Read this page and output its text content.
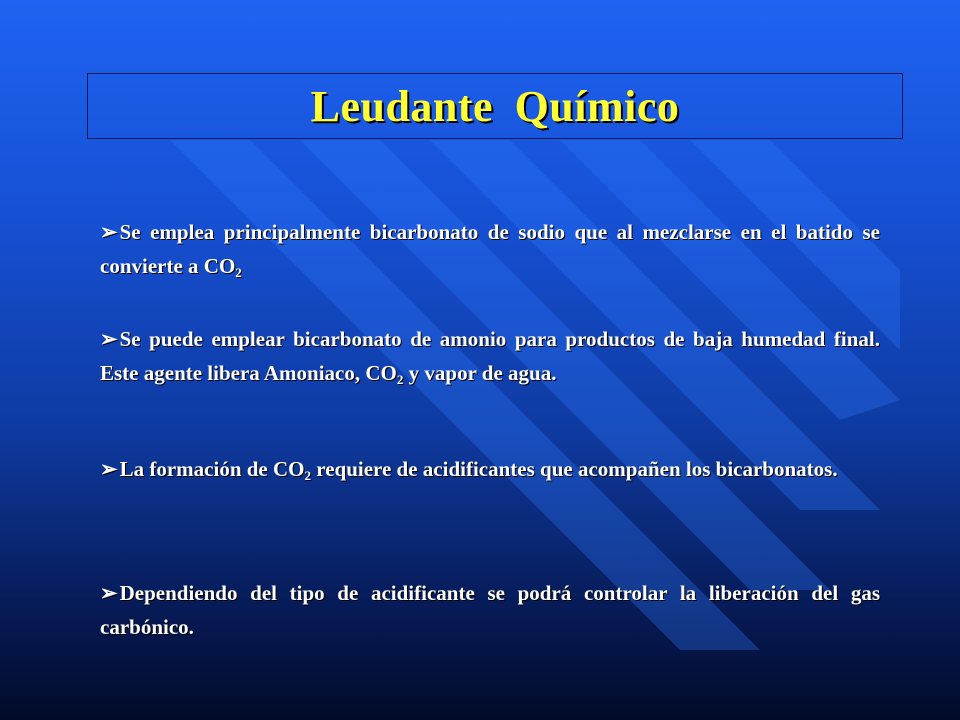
Leudante Químico

➢Se emplea principalmente bicarbonato de sodio que al mezclarse en el batido se convierte a $CO_2$

➢Se puede emplear bicarbonato de amonio para productos de baja humedad final. Este agente libera Amoniaco, $CO_2$ y vapor de agua.

➢La formación de $CO_2$ requiere de acidificantes que acompañen los bicarbonatos.

➢Dependiendo del tipo de acidificante se podrá controlar la liberación del gas carbónico.
